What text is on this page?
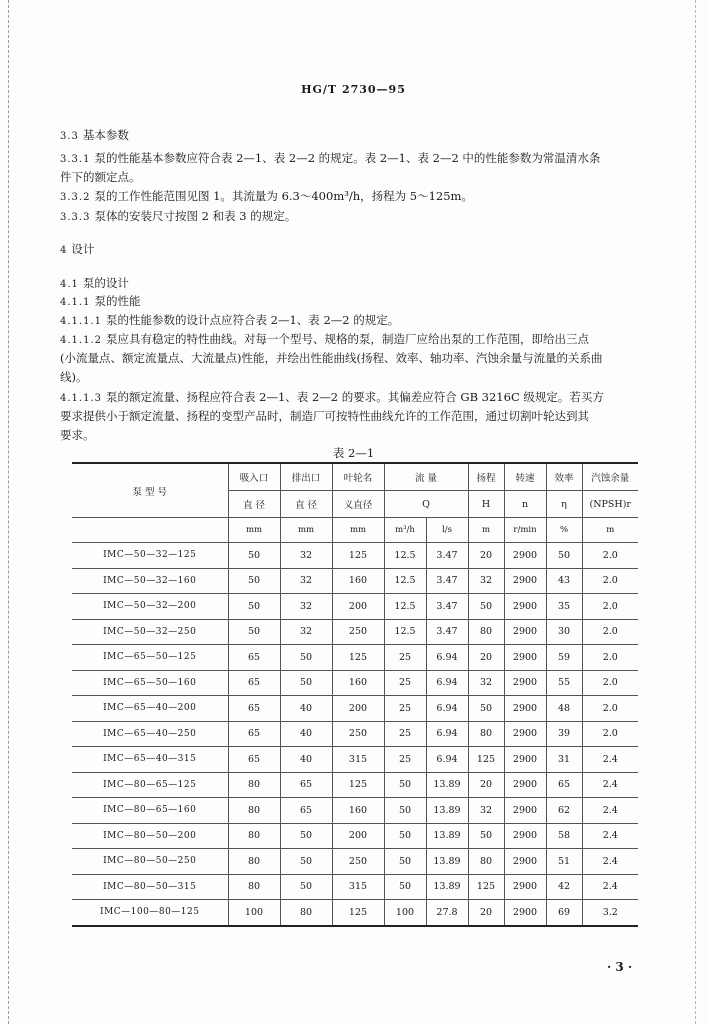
HG/T 2730—95
3.3 基本参数
3.3.1 泵的性能基本参数应符合表 2—1、表 2—2 的规定。表 2—1、表 2—2 中的性能参数为常温清水条
件下的额定点。
3.3.2 泵的工作性能范围见图 1。其流量为 6.3～400m³/h，扬程为 5～125m。
3.3.3 泵体的安装尺寸按图 2 和表 3 的规定。
4 设计
4.1 泵的设计
4.1.1 泵的性能
4.1.1.1 泵的性能参数的设计点应符合表 2—1、表 2—2 的规定。
4.1.1.2 泵应具有稳定的特性曲线。对每一个型号、规格的泵，制造厂应给出泵的工作范围，即给出三点
(小流量点、额定流量点、大流量点)性能，并绘出性能曲线(扬程、效率、轴功率、汽蚀余量与流量的关系曲
线)。
4.1.1.3 泵的额定流量、扬程应符合表 2—1、表 2—2 的要求。其偏差应符合 GB 3216C 级规定。若买方
要求提供小于额定流量、扬程的变型产品时，制造厂可按特性曲线允许的工作范围，通过切割叶轮达到其
要求。
表 2—1
泵 型 号	吸入口	排出口	叶轮名	流 量		扬程	转速	效率	汽蚀余量
	直 径	直 径	义直径	Q		H	n	η	(NPSH)r
	mm	mm	mm	m³/h	l/s	m	r/min	%	m
IMC—50—32—125	50	32	125	12.5	3.47	20	2900	50	2.0
IMC—50—32—160	50	32	160	12.5	3.47	32	2900	43	2.0
IMC—50—32—200	50	32	200	12.5	3.47	50	2900	35	2.0
IMC—50—32—250	50	32	250	12.5	3.47	80	2900	30	2.0
IMC—65—50—125	65	50	125	25	6.94	20	2900	59	2.0
IMC—65—50—160	65	50	160	25	6.94	32	2900	55	2.0
IMC—65—40—200	65	40	200	25	6.94	50	2900	48	2.0
IMC—65—40—250	65	40	250	25	6.94	80	2900	39	2.0
IMC—65—40—315	65	40	315	25	6.94	125	2900	31	2.4
IMC—80—65—125	80	65	125	50	13.89	20	2900	65	2.4
IMC—80—65—160	80	65	160	50	13.89	32	2900	62	2.4
IMC—80—50—200	80	50	200	50	13.89	50	2900	58	2.4
IMC—80—50—250	80	50	250	50	13.89	80	2900	51	2.4
IMC—80—50—315	80	50	315	50	13.89	125	2900	42	2.4
IMC—100—80—125	100	80	125	100	27.8	20	2900	69	3.2
· 3 ·
